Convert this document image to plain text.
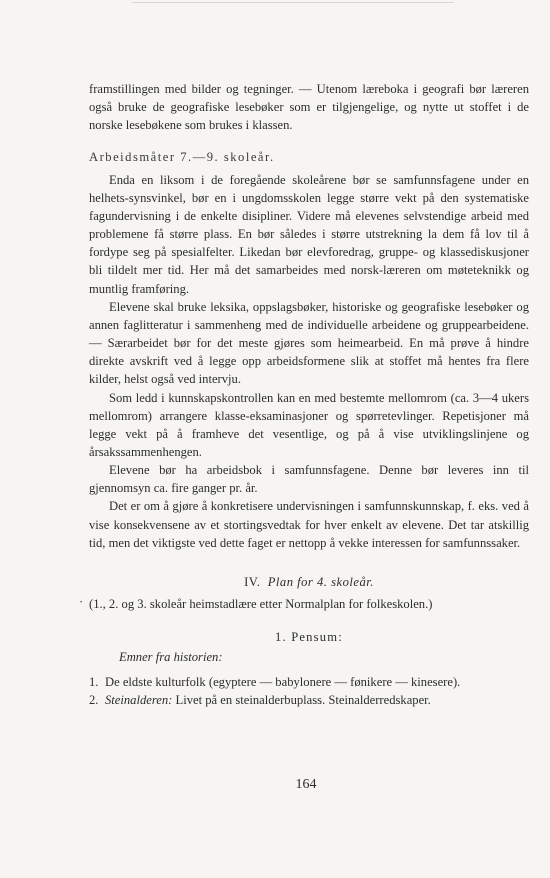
framstillingen med bilder og tegninger. — Utenom læreboka i geografi bør læreren også bruke de geografiske lesebøker som er tilgjengelige, og nytte ut stoffet i de norske lesebøkene som brukes i klassen.

Arbeidsmåter 7.—9. skoleår.

Enda en liksom i de foregående skoleårene bør se samfunnsfagene under en helhets-synsvinkel, bør en i ungdomsskolen legge større vekt på den systematiske fagundervisning i de enkelte disipliner. Videre må elevenes selvstendige arbeid med problemene få større plass. En bør således i større utstrekning la dem få lov til å fordype seg på spesialfelter. Likedan bør elevforedrag, gruppe- og klassediskusjoner bli tildelt mer tid. Her må det samarbeides med norsk-læreren om møteteknikk og muntlig framføring.

Elevene skal bruke leksika, oppslagsbøker, historiske og geografiske lesebøker og annen faglitteratur i sammenheng med de individuelle arbeidene og gruppearbeidene. — Særarbeidet bør for det meste gjøres som heimearbeid. En må prøve å hindre direkte avskrift ved å legge opp arbeidsformene slik at stoffet må hentes fra flere kilder, helst også ved intervju.

Som ledd i kunnskapskontrollen kan en med bestemte mellomrom (ca. 3—4 ukers mellomrom) arrangere klasse-eksaminasjoner og spørretevlinger. Repetisjoner må legge vekt på å framheve det vesentlige, og på å vise utviklingslinjene og årsakssammenhengen.

Elevene bør ha arbeidsbok i samfunnsfagene. Denne bør leveres inn til gjennomsyn ca. fire ganger pr. år.

Det er om å gjøre å konkretisere undervisningen i samfunnskunnskap, f. eks. ved å vise konsekvensene av et stortingsvedtak for hver enkelt av elevene. Det tar atskillig tid, men det viktigste ved dette faget er nettopp å vekke interessen for samfunnssaker.

IV. Plan for 4. skoleår.

· (1., 2. og 3. skoleår heimstadlære etter Normalplan for folkeskolen.)

1. Pensum:

Emner fra historien:

1. De eldste kulturfolk (egyptere — babylonere — fønikere — kinesere).
2. Steinalderen: Livet på en steinalderbuplass. Steinalderredskaper.
164
